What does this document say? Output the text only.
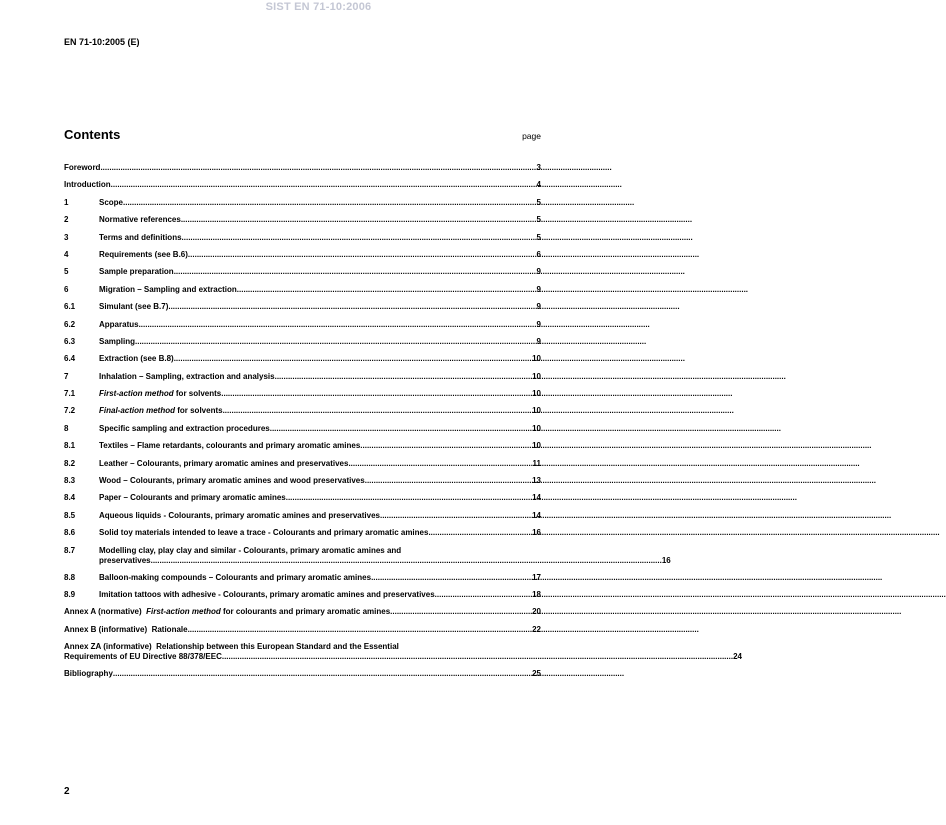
SIST EN 71-10:2006
EN 71-10:2005 (E)
Contents	page
Foreword .....	3
Introduction .....	4
1	Scope .....	5
2	Normative references .....	5
3	Terms and definitions .....	5
4	Requirements (see B.6) .....	6
5	Sample preparation .....	9
6	Migration – Sampling and extraction .....	9
6.1	Simulant (see B.7) .....	9
6.2	Apparatus .....	9
6.3	Sampling .....	9
6.4	Extraction (see B.8) .....	10
7	Inhalation – Sampling, extraction and analysis .....	10
7.1	First-action method for solvents .....	10
7.2	Final-action method for solvents .....	10
8	Specific sampling and extraction procedures .....	10
8.1	Textiles – Flame retardants, colourants and primary aromatic amines .....	10
8.2	Leather – Colourants, primary aromatic amines and preservatives .....	11
8.3	Wood – Colourants, primary aromatic amines and wood preservatives .....	13
8.4	Paper – Colourants and primary aromatic amines .....	14
8.5	Aqueous liquids - Colourants, primary aromatic amines and preservatives .....	14
8.6	Solid toy materials intended to leave a trace - Colourants and primary aromatic amines .....	16
8.7	Modelling clay, play clay and similar - Colourants, primary aromatic amines and
preservatives .....	16
8.8	Balloon-making compounds – Colourants and primary aromatic amines .....	17
8.9	Imitation tattoos with adhesive - Colourants, primary aromatic amines and preservatives .....	18
Annex A (normative)  First-action method for colourants and primary aromatic amines .....	20
Annex B (informative)  Rationale .....	22
Annex ZA (informative)  Relationship between this European Standard and the Essential
Requirements of EU Directive 88/378/EEC .....	24
Bibliography .....	25
2
